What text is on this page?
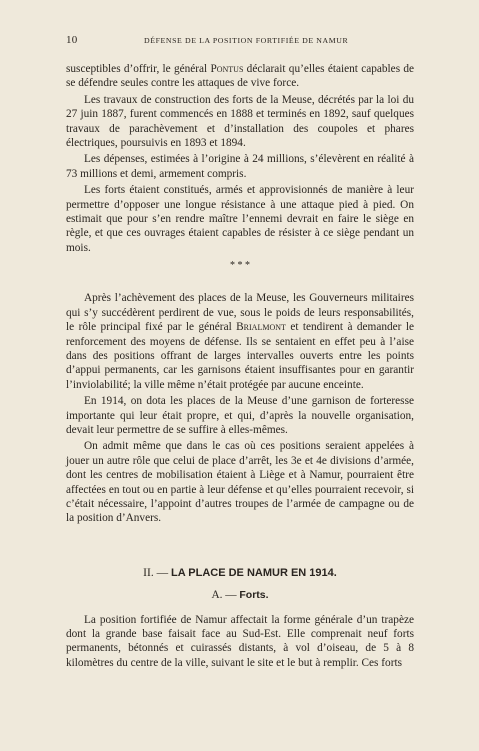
10	DÉFENSE DE LA POSITION FORTIFIÉE DE NAMUR

susceptibles d’offrir, le général Pontus déclarait qu’elles étaient capables de se défendre seules contre les attaques de vive force.

Les travaux de construction des forts de la Meuse, décrétés par la loi du 27 juin 1887, furent commencés en 1888 et terminés en 1892, sauf quelques travaux de parachèvement et d’installation des coupoles et phares électriques, poursuivis en 1893 et 1894.

Les dépenses, estimées à l’origine à 24 millions, s’élevèrent en réalité à 73 millions et demi, armement compris.

Les forts étaient constitués, armés et approvisionnés de manière à leur permettre d’opposer une longue résistance à une attaque pied à pied. On estimait que pour s’en rendre maître l’ennemi devrait en faire le siège en règle, et que ces ouvrages étaient capables de résister à ce siège pendant un mois.

* * *

Après l’achèvement des places de la Meuse, les Gouverneurs militaires qui s’y succédèrent perdirent de vue, sous le poids de leurs responsabilités, le rôle principal fixé par le général Brialmont et tendirent à demander le renforcement des moyens de défense. Ils se sentaient en effet peu à l’aise dans des positions offrant de larges intervalles ouverts entre les points d’appui permanents, car les garnisons étaient insuffisantes pour en garantir l’inviolabilité; la ville même n’était protégée par aucune enceinte.

En 1914, on dota les places de la Meuse d’une garnison de forteresse importante qui leur était propre, et qui, d’après la nouvelle organisation, devait leur permettre de se suffire à elles-mêmes.

On admit même que dans le cas où ces positions seraient appelées à jouer un autre rôle que celui de place d’arrêt, les 3e et 4e divisions d’armée, dont les centres de mobilisation étaient à Liège et à Namur, pourraient être affectées en tout ou en partie à leur défense et qu’elles pourraient recevoir, si c’était nécessaire, l’appoint d’autres troupes de l’armée de campagne ou de la position d’Anvers.

II. — LA PLACE DE NAMUR EN 1914.
A. — Forts.

La position fortifiée de Namur affectait la forme générale d’un trapèze dont la grande base faisait face au Sud-Est. Elle comprenait neuf forts permanents, bétonnés et cuirassés distants, à vol d’oiseau, de 5 à 8 kilomètres du centre de la ville, suivant le site et le but à remplir. Ces forts
